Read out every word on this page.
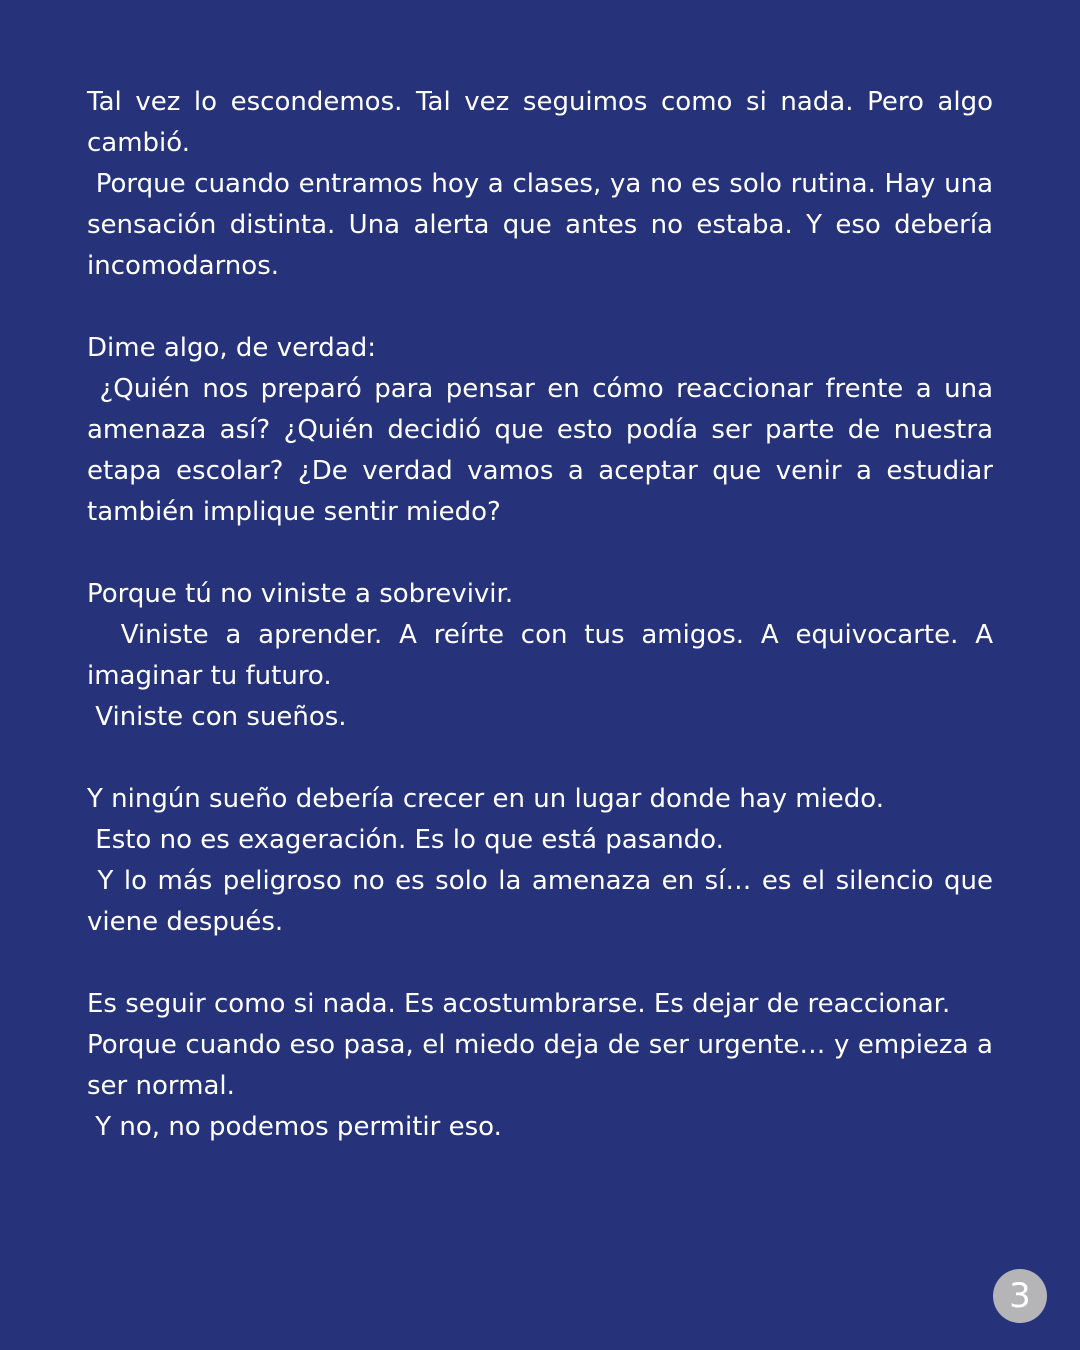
Tal vez lo escondemos. Tal vez seguimos como si nada. Pero algo cambió.
Porque cuando entramos hoy a clases, ya no es solo rutina. Hay una sensación distinta. Una alerta que antes no estaba. Y eso debería incomodarnos.
Dime algo, de verdad:
¿Quién nos preparó para pensar en cómo reaccionar frente a una amenaza así? ¿Quién decidió que esto podía ser parte de nuestra etapa escolar? ¿De verdad vamos a aceptar que venir a estudiar también implique sentir miedo?
Porque tú no viniste a sobrevivir.
Viniste a aprender. A reírte con tus amigos. A equivocarte. A imaginar tu futuro.
Viniste con sueños.
Y ningún sueño debería crecer en un lugar donde hay miedo.
Esto no es exageración. Es lo que está pasando.
Y lo más peligroso no es solo la amenaza en sí… es el silencio que viene después.
Es seguir como si nada. Es acostumbrarse. Es dejar de reaccionar.
Porque cuando eso pasa, el miedo deja de ser urgente… y empieza a ser normal.
Y no, no podemos permitir eso.
3
